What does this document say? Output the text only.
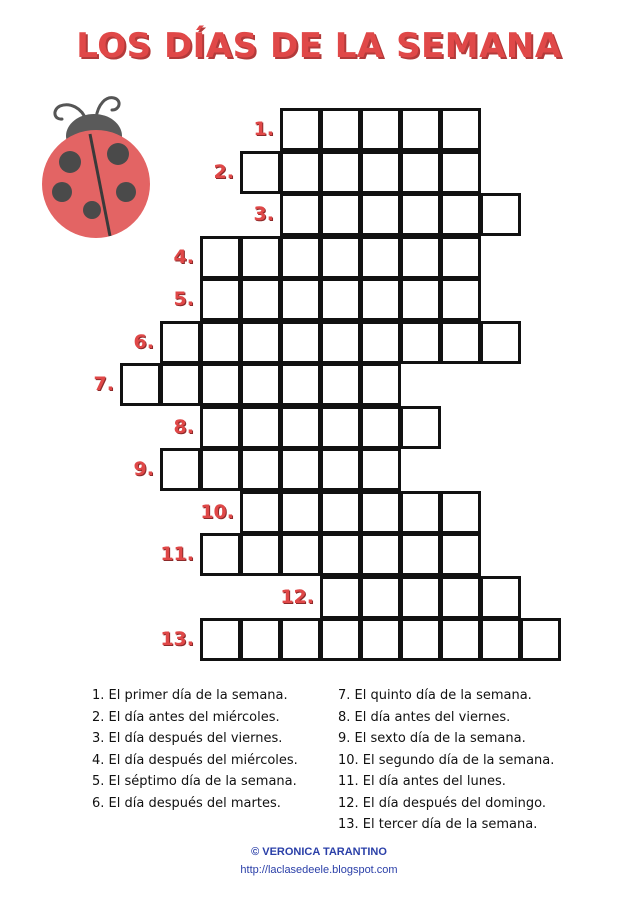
LOS DÍAS DE LA SEMANA
1.
2.
3.
4.
5.
6.
7.
8.
9.
10.
11.
12.
13.
1. El primer día de la semana.
2. El día antes del miércoles.
3. El día después del viernes.
4. El día después del miércoles.
5. El séptimo día de la semana.
6. El día después del martes.
7. El quinto día de la semana.
8. El día antes del viernes.
9. El sexto día de la semana.
10. El segundo día de la semana.
11. El día antes del lunes.
12. El día después del domingo.
13. El tercer día de la semana.
© VERONICA TARANTINO
http://laclasedeele.blogspot.com
